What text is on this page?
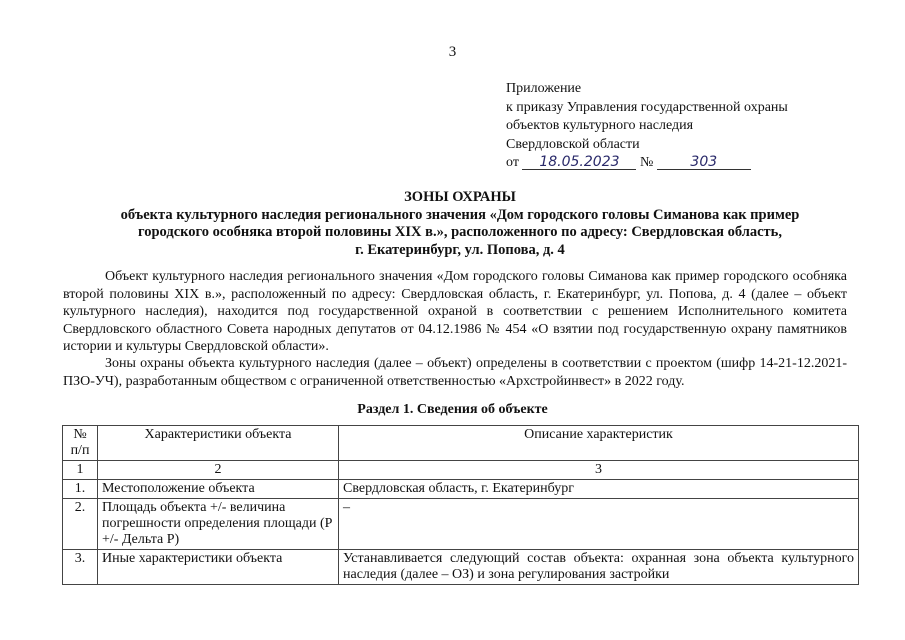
3
Приложение
к приказу Управления государственной охраны
объектов культурного наследия
Свердловской области
от 18.05.2023 №	303
ЗОНЫ ОХРАНЫ
объекта культурного наследия регионального значения «Дом городского головы Симанова как пример
городского особняка второй половины XIX в.», расположенного по адресу: Свердловская область,
г. Екатеринбург, ул. Попова, д. 4
Объект культурного наследия регионального значения «Дом городского головы Симанова как пример городского особняка второй половины XIX в.», расположенный по адресу: Свердловская область, г. Екатеринбург, ул. Попова, д. 4 (далее – объект культурного наследия), находится под государственной охраной в соответствии с решением Исполнительного комитета Свердловского областного Совета народных депутатов от 04.12.1986 № 454 «О взятии под государственную охрану памятников истории и культуры Свердловской области».
Зоны охраны объекта культурного наследия (далее – объект) определены в соответствии с проектом (шифр 14-21-12.2021-ПЗО-УЧ), разработанным обществом с ограниченной ответственностью «Архстройинвест» в 2022 году.
Раздел 1. Сведения об объекте
№ п/п	Характеристики объекта	Описание характеристик
1	2	3
1.	Местоположение объекта	Свердловская область, г. Екатеринбург
2.	Площадь объекта +/- величина погрешности определения площади (P +/- Дельта P)	–
3.	Иные характеристики объекта	Устанавливается следующий состав объекта: охранная зона объекта культурного наследия (далее – ОЗ) и зона регулирования застройки
